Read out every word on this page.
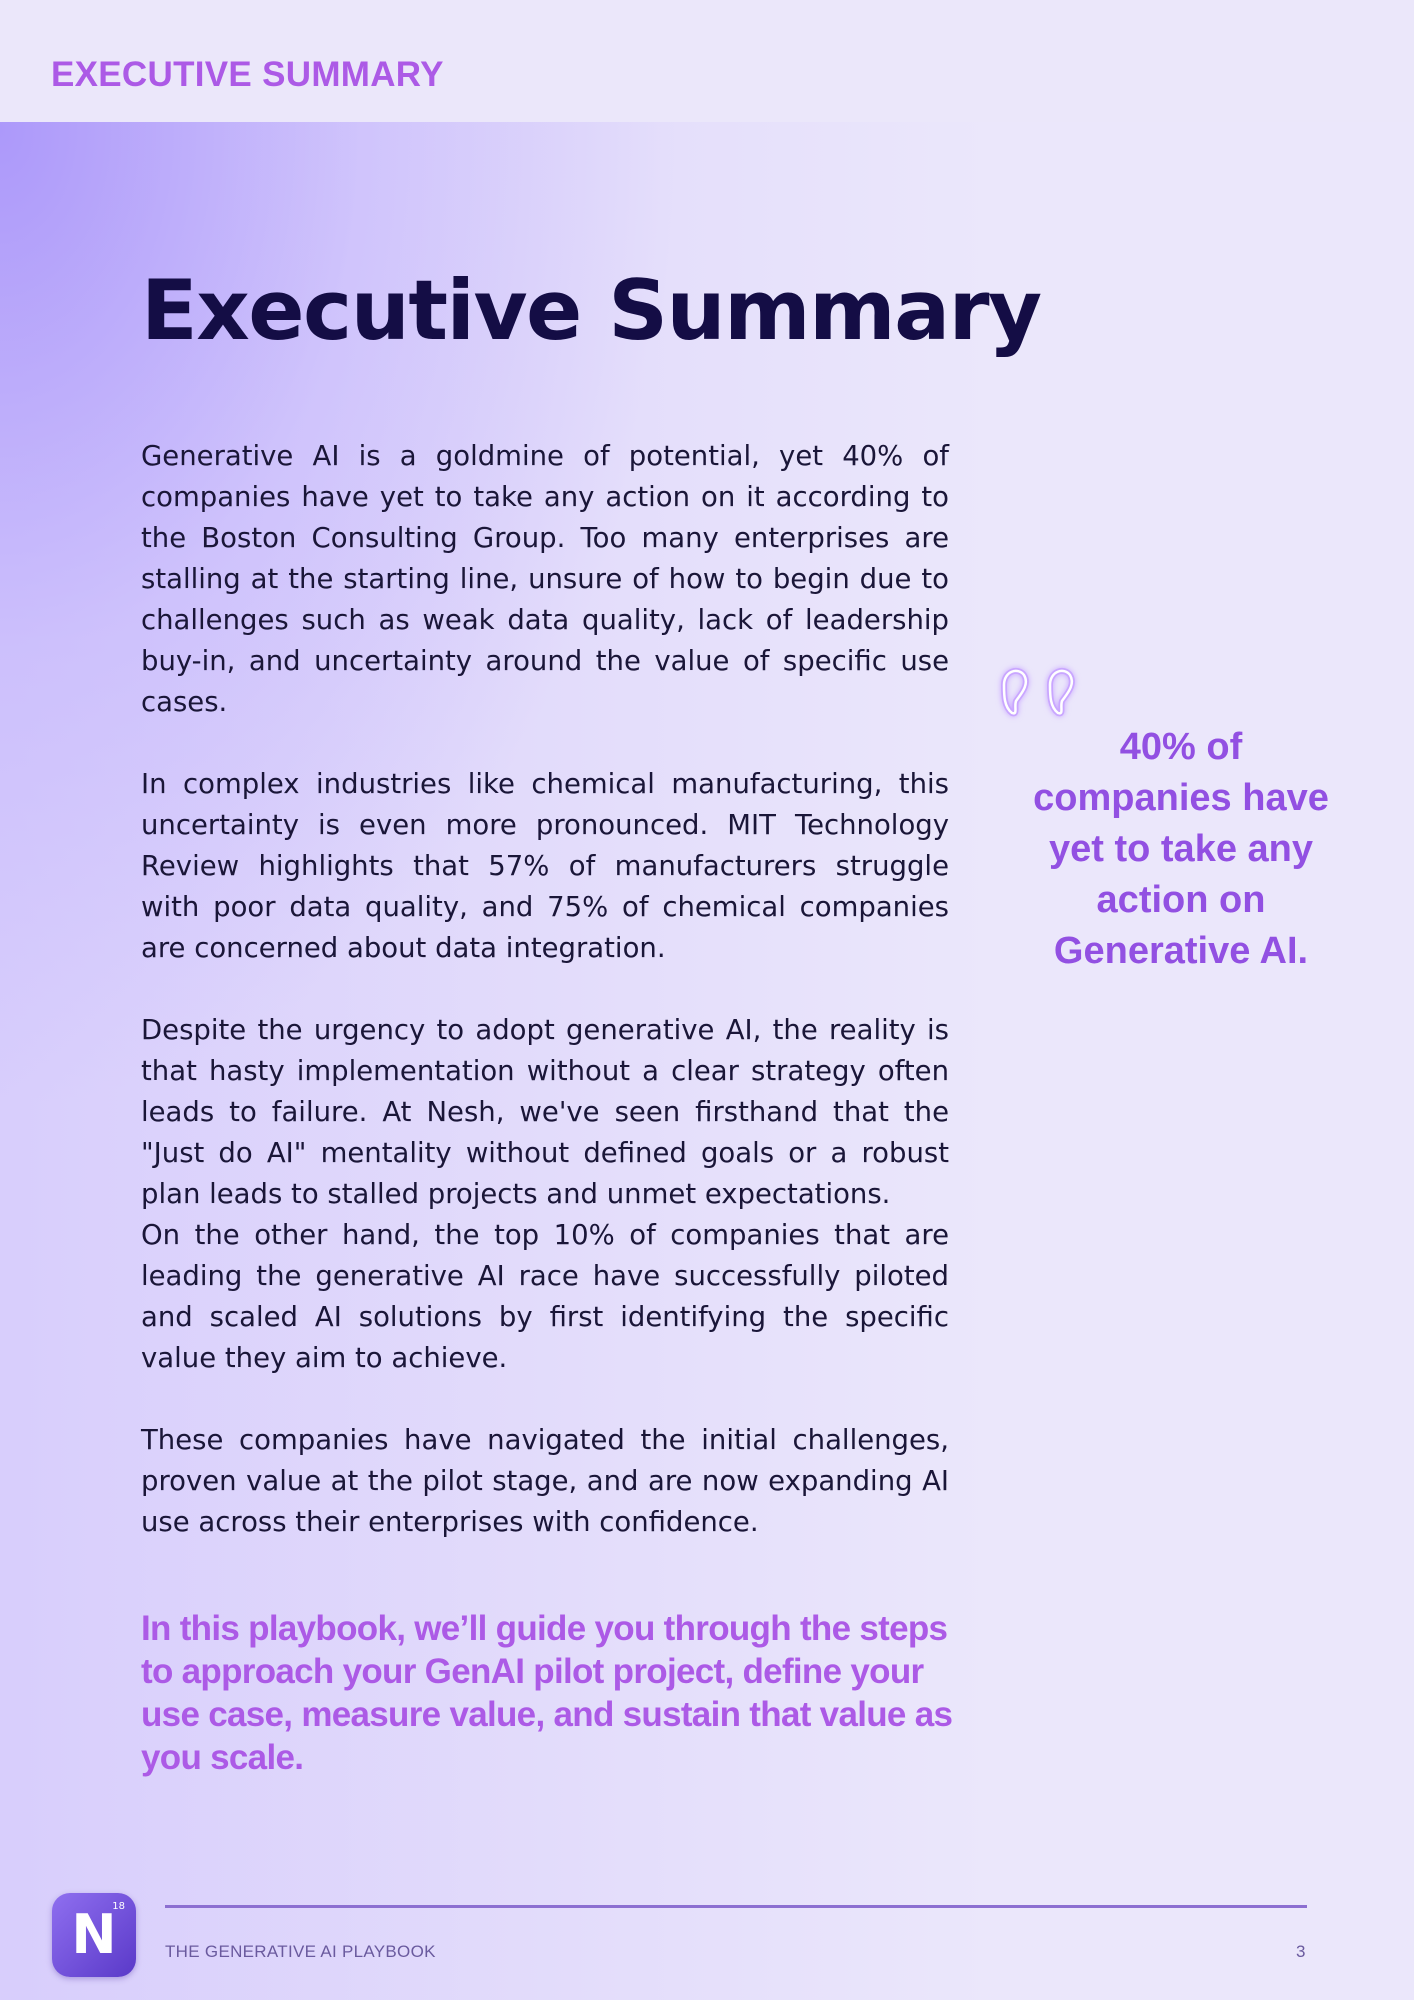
EXECUTIVE SUMMARY
Executive Summary

Generative AI is a goldmine of potential, yet 40% of companies have yet to take any action on it according to the Boston Consulting Group. Too many enterprises are stalling at the starting line, unsure of how to begin due to challenges such as weak data quality, lack of leadership buy-in, and uncertainty around the value of specific use cases.

In complex industries like chemical manufacturing, this uncertainty is even more pronounced. MIT Technology Review highlights that 57% of manufacturers struggle with poor data quality, and 75% of chemical companies are concerned about data integration.

Despite the urgency to adopt generative AI, the reality is that hasty implementation without a clear strategy often leads to failure. At Nesh, we've seen firsthand that the "Just do AI" mentality without defined goals or a robust plan leads to stalled projects and unmet expectations.

On the other hand, the top 10% of companies that are leading the generative AI race have successfully piloted and scaled AI solutions by first identifying the specific value they aim to achieve.

These companies have navigated the initial challenges, proven value at the pilot stage, and are now expanding AI use across their enterprises with confidence.

In this playbook, we’ll guide you through the steps to approach your GenAI pilot project, define your use case, measure value, and sustain that value as you scale.

40% of companies have yet to take any action on Generative AI.

N
18
THE GENERATIVE AI PLAYBOOK	3
